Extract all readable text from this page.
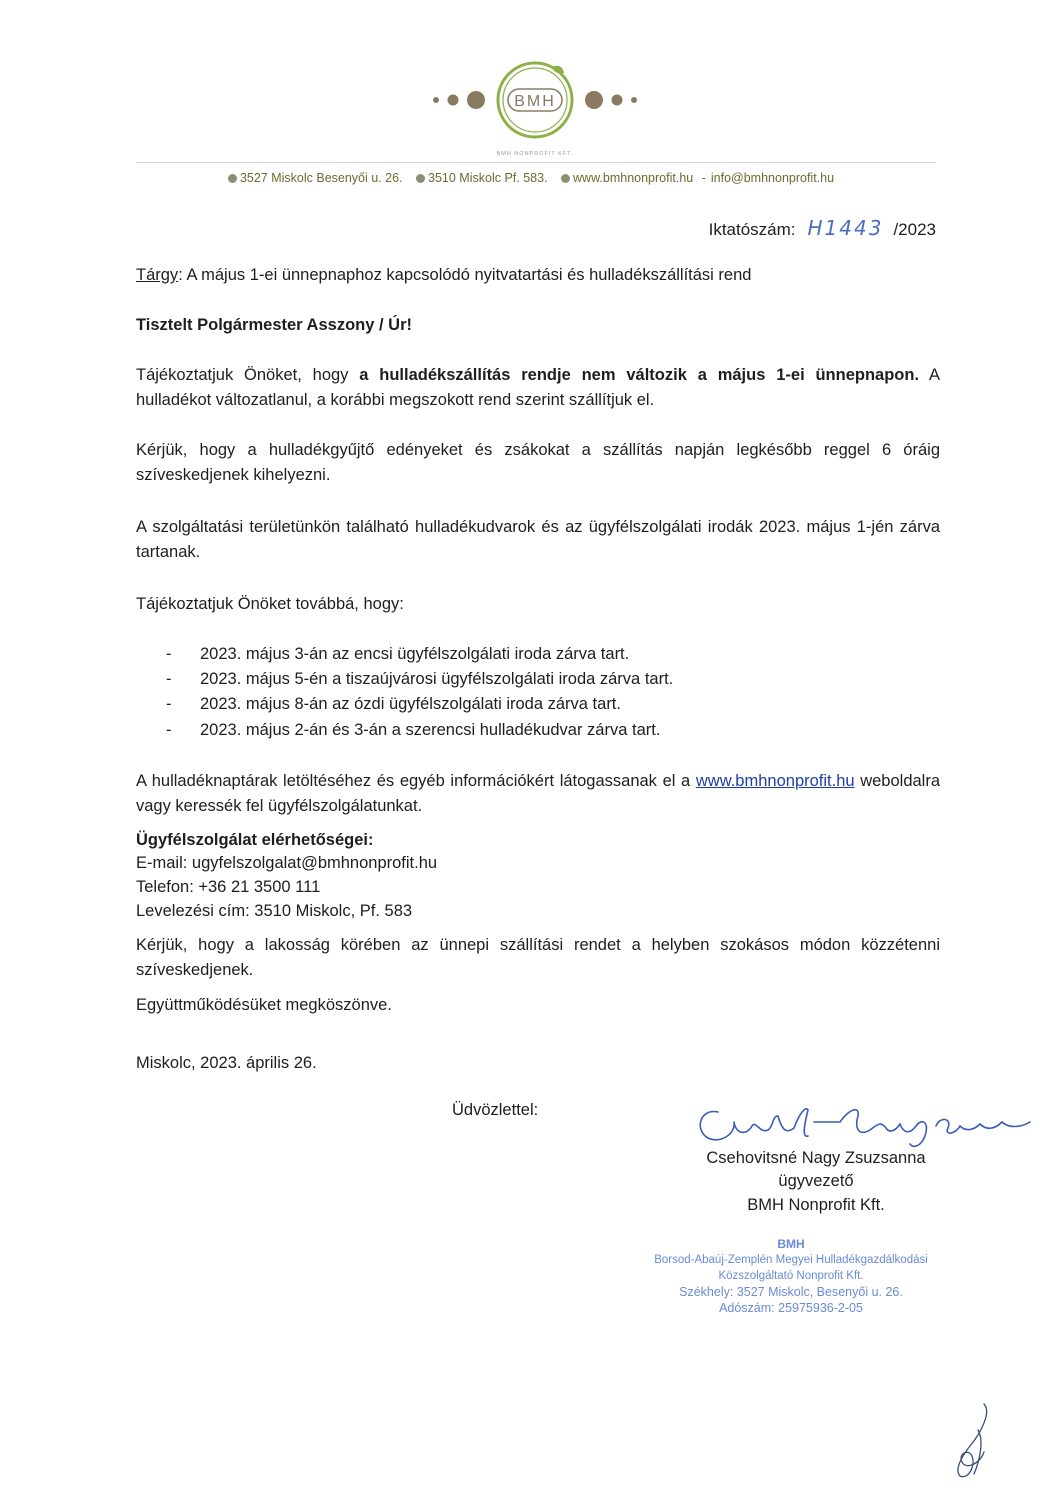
BMH
BMH NONPROFIT KFT.
3527 Miskolc Besenyői u. 26. 3510 Miskolc Pf. 583. www.bmhnonprofit.hu - info@bmhnonprofit.hu
Iktatószám: H1443 /2023
Tárgy: A május 1-ei ünnepnaphoz kapcsolódó nyitvatartási és hulladékszállítási rend
Tisztelt Polgármester Asszony / Úr!
Tájékoztatjuk Önöket, hogy a hulladékszállítás rendje nem változik a május 1-ei ünnepnapon. A hulladékot változatlanul, a korábbi megszokott rend szerint szállítjuk el.
Kérjük, hogy a hulladékgyűjtő edényeket és zsákokat a szállítás napján legkésőbb reggel 6 óráig szíveskedjenek kihelyezni.
A szolgáltatási területünkön található hulladékudvarok és az ügyfélszolgálati irodák 2023. május 1-jén zárva tartanak.
Tájékoztatjuk Önöket továbbá, hogy:
- 2023. május 3-án az encsi ügyfélszolgálati iroda zárva tart.
- 2023. május 5-én a tiszaújvárosi ügyfélszolgálati iroda zárva tart.
- 2023. május 8-án az ózdi ügyfélszolgálati iroda zárva tart.
- 2023. május 2-án és 3-án a szerencsi hulladékudvar zárva tart.
A hulladéknaptárak letöltéséhez és egyéb információkért látogassanak el a www.bmhnonprofit.hu weboldalra vagy keressék fel ügyfélszolgálatunkat.
Ügyfélszolgálat elérhetőségei:
E-mail: ugyfelszolgalat@bmhnonprofit.hu
Telefon: +36 21 3500 111
Levelezési cím: 3510 Miskolc, Pf. 583
Kérjük, hogy a lakosság körében az ünnepi szállítási rendet a helyben szokásos módon közzétenni szíveskedjenek.
Együttműködésüket megköszönve.
Miskolc, 2023. április 26.
Üdvözlettel:
Csehovitsné Nagy Zsuzsanna
ügyvezető
BMH Nonprofit Kft.
BMH
Borsod-Abaúj-Zemplén Megyei Hulladékgazdálkodási
Közszolgáltató Nonprofit Kft.
Székhely: 3527 Miskolc, Besenyői u. 26.
Adószám: 25975936-2-05
